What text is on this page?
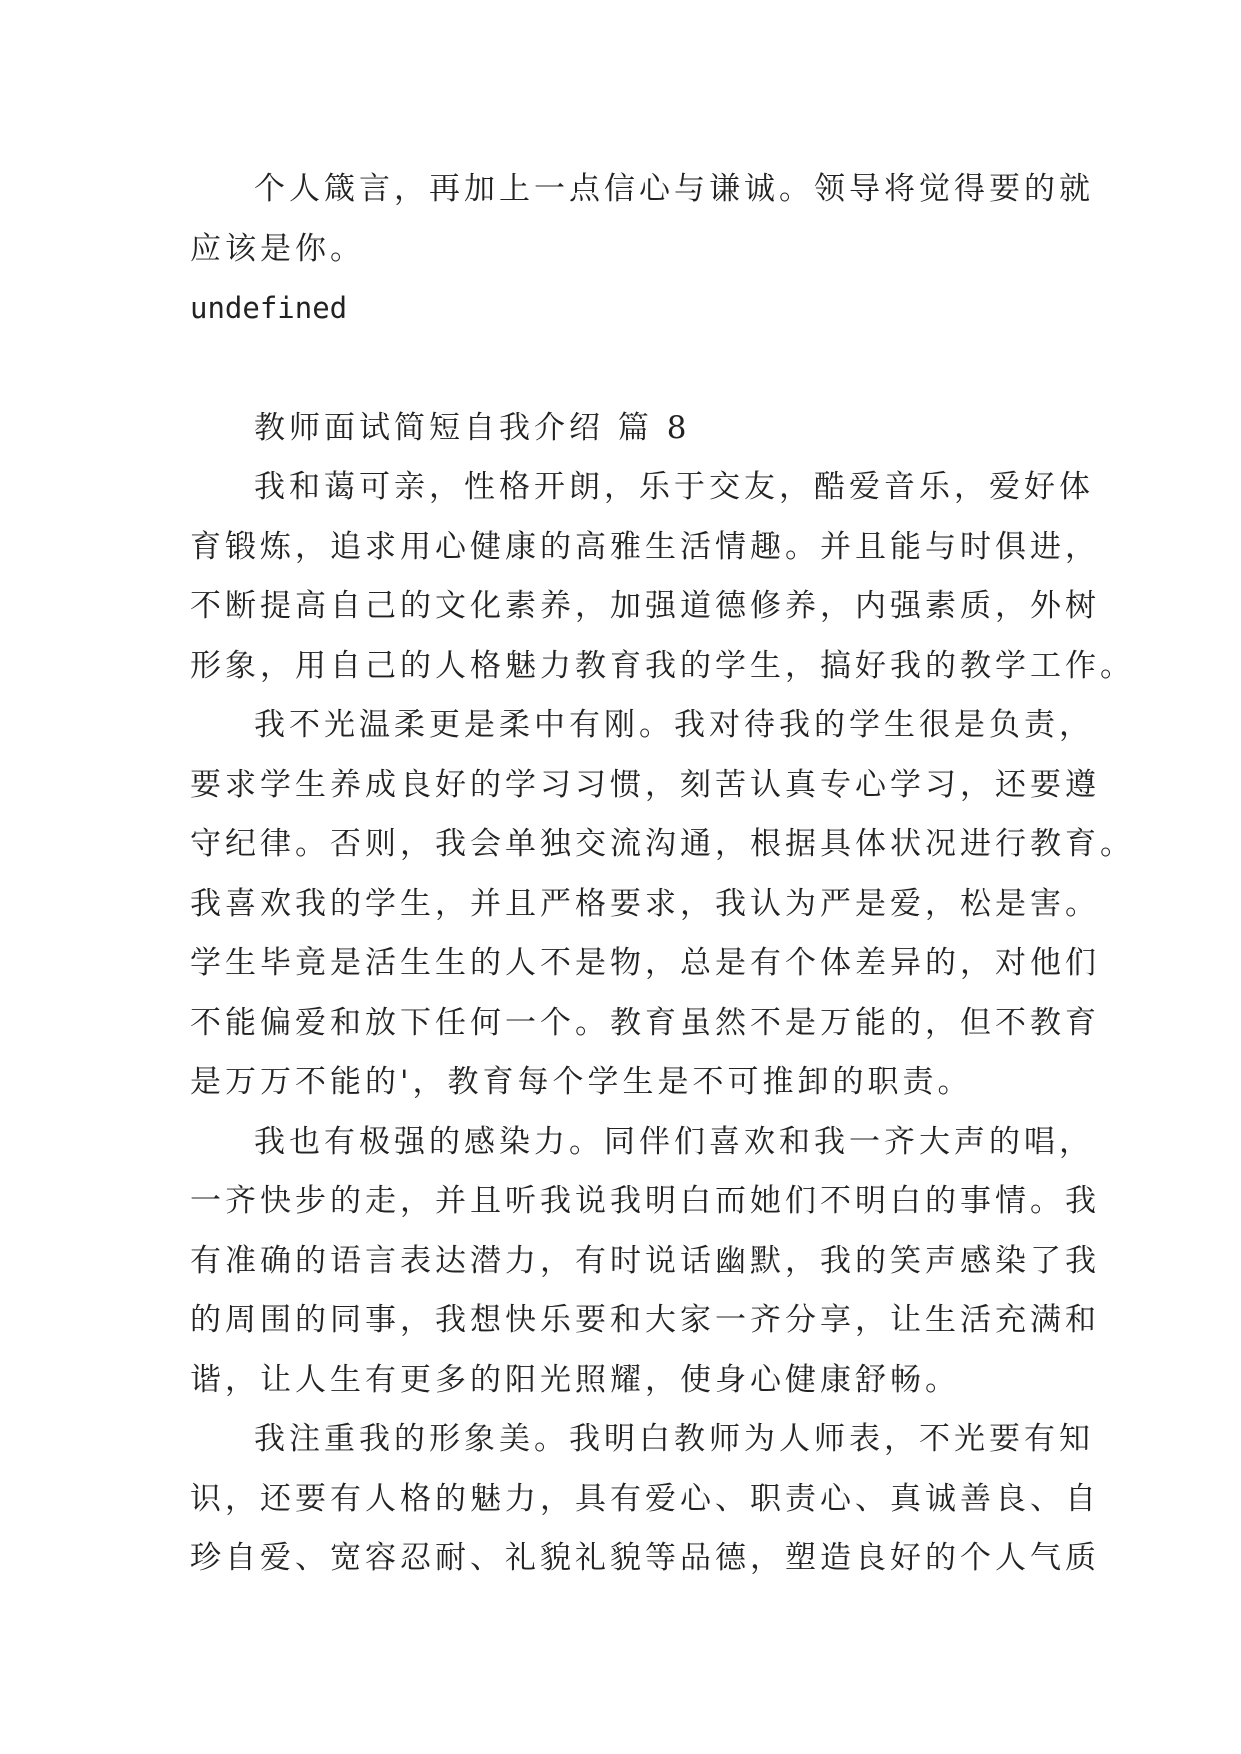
个人箴言，再加上一点信心与谦诚。领导将觉得要的就
应该是你。
undefined
教师面试简短自我介绍 篇 8
我和蔼可亲，性格开朗，乐于交友，酷爱音乐，爱好体
育锻炼，追求用心健康的高雅生活情趣。并且能与时俱进，
不断提高自己的文化素养，加强道德修养，内强素质，外树
形象，用自己的人格魅力教育我的学生，搞好我的教学工作。
我不光温柔更是柔中有刚。我对待我的学生很是负责，
要求学生养成良好的学习习惯，刻苦认真专心学习，还要遵
守纪律。否则，我会单独交流沟通，根据具体状况进行教育。
我喜欢我的学生，并且严格要求，我认为严是爱，松是害。
学生毕竟是活生生的人不是物，总是有个体差异的，对他们
不能偏爱和放下任何一个。教育虽然不是万能的，但不教育
是万万不能的'，教育每个学生是不可推卸的职责。
我也有极强的感染力。同伴们喜欢和我一齐大声的唱，
一齐快步的走，并且听我说我明白而她们不明白的事情。我
有准确的语言表达潜力，有时说话幽默，我的笑声感染了我
的周围的同事，我想快乐要和大家一齐分享，让生活充满和
谐，让人生有更多的阳光照耀，使身心健康舒畅。
我注重我的形象美。我明白教师为人师表，不光要有知
识，还要有人格的魅力，具有爱心、职责心、真诚善良、自
珍自爱、宽容忍耐、礼貌礼貌等品德，塑造良好的个人气质
